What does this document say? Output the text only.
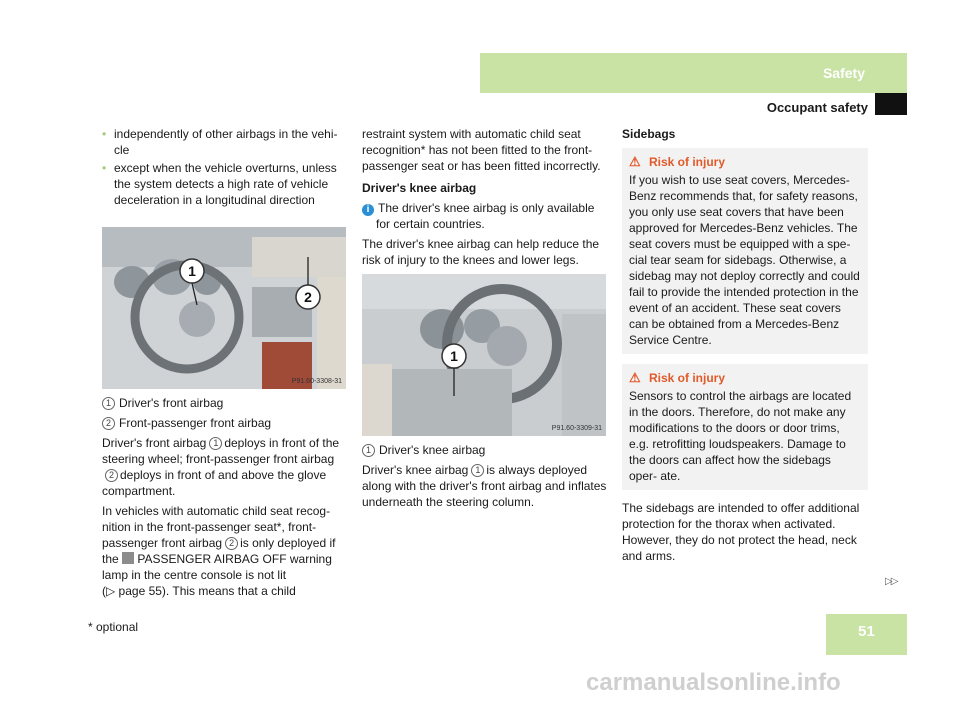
Safety
Occupant safety

• independently of other airbags in the vehi- cle

• except when the vehicle overturns, unless the system detects a high rate of vehicle deceleration in a longitudinal direction

1
2
P91.60-3308-31

1 Driver's front airbag

2 Front-passenger front airbag

Driver's front airbag 1 deploys in front of the steering wheel; front-passenger front airbag2 deploys in front of and above the glove compartment.

In vehicles with automatic child seat recog- nition in the front-passenger seat*, front- passenger front airbag 2 is only deployed if the PASSENGER AIRBAG OFF warning lamp in the centre console is not lit
(▷ page 55). This means that a child

restraint system with automatic child seat recognition* has not been fitted to the front- passenger seat or has been fitted incorrectly.

Driver's knee airbag

i The driver's knee airbag is only available for certain countries.

The driver's knee airbag can help reduce the risk of injury to the knees and lower legs.

1
P91.60-3309-31

1 Driver's knee airbag

Driver's knee airbag 1 is always deployed along with the driver's front airbag and inflates underneath the steering column.

Sidebags

⚠ Risk of injury
If you wish to use seat covers, Mercedes- Benz recommends that, for safety reasons, you only use seat covers that have been approved for Mercedes-Benz vehicles. The seat covers must be equipped with a spe- cial tear seam for sidebags. Otherwise, a sidebag may not deploy correctly and could fail to provide the intended protection in the event of an accident. These seat covers can be obtained from a Mercedes-Benz Service Centre.
⚠ Risk of injury
Sensors to control the airbags are located in the doors. Therefore, do not make any modifications to the doors or door trims, e.g. retrofitting loudspeakers. Damage to the doors can affect how the sidebags oper- ate.

The sidebags are intended to offer additional protection for the thorax when activated. However, they do not protect the head, neck and arms.

▷▷
* optional	51
carmanualsonline.info
